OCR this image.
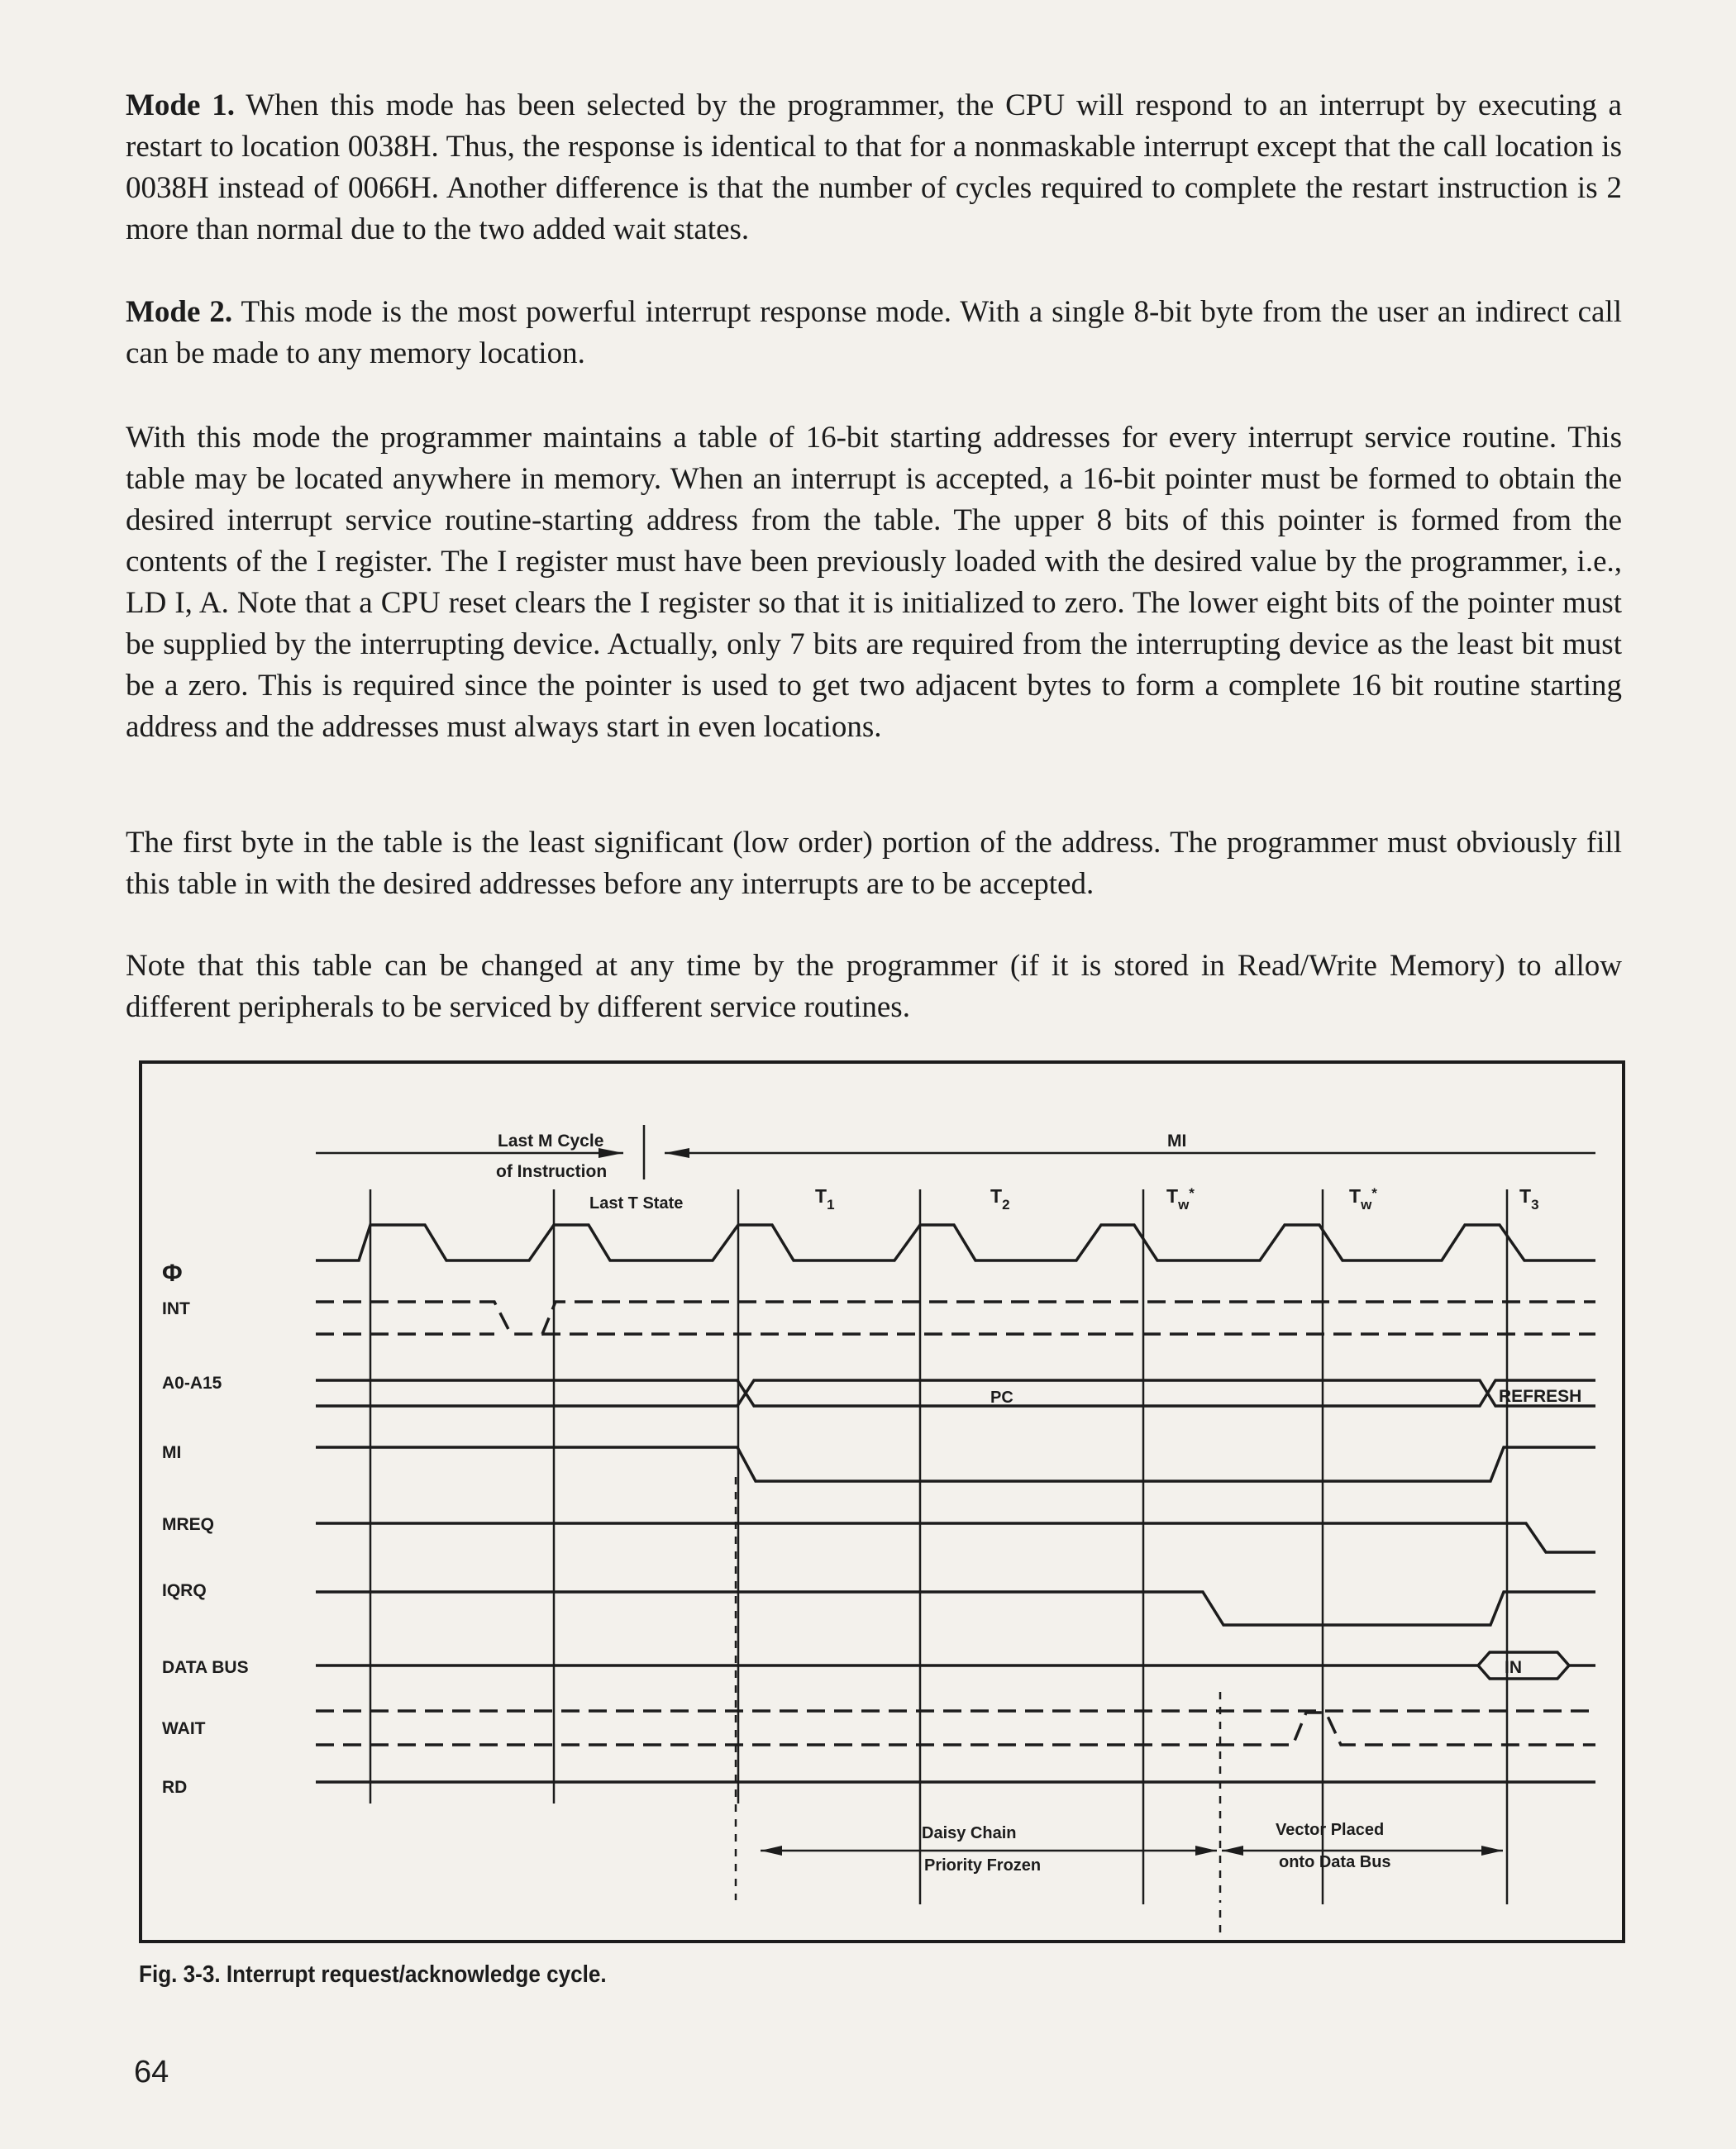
Mode 1. When this mode has been selected by the programmer, the CPU will respond to an interrupt by executing a restart to location 0038H. Thus, the response is identical to that for a nonmaskable interrupt except that the call location is 0038H instead of 0066H. Another difference is that the number of cycles required to complete the restart instruction is 2 more than normal due to the two added wait states.

Mode 2. This mode is the most powerful interrupt response mode. With a single 8-bit byte from the user an indirect call can be made to any memory location.

With this mode the programmer maintains a table of 16-bit starting addresses for every interrupt service routine. This table may be located anywhere in memory. When an interrupt is accepted, a 16-bit pointer must be formed to obtain the desired interrupt service routine-starting address from the table. The upper 8 bits of this pointer is formed from the contents of the I register. The I register must have been previously loaded with the desired value by the programmer, i.e., LD I, A. Note that a CPU reset clears the I register so that it is initialized to zero. The lower eight bits of the pointer must be supplied by the interrupting device. Actually, only 7 bits are required from the interrupting device as the least bit must be a zero. This is required since the pointer is used to get two adjacent bytes to form a complete 16 bit routine starting address and the addresses must always start in even locations.

The first byte in the table is the least significant (low order) portion of the address. The programmer must obviously fill this table in with the desired addresses before any interrupts are to be accepted.

Note that this table can be changed at any time by the programmer (if it is stored in Read/Write Memory) to allow different peripherals to be serviced by different service routines.

Last M Cycle
of Instruction
MI
Last T State	$T_1$	$T_2$	$T_w^*$	$T_w^*$	$T_3$
Φ
INT
A0-A15
MI
MREQ
IQRQ
DATA BUS
WAIT
RD
PC	REFRESH
IN
Daisy Chain
Priority Frozen
Vector Placed
onto Data Bus

Fig. 3-3. Interrupt request/acknowledge cycle.

64
